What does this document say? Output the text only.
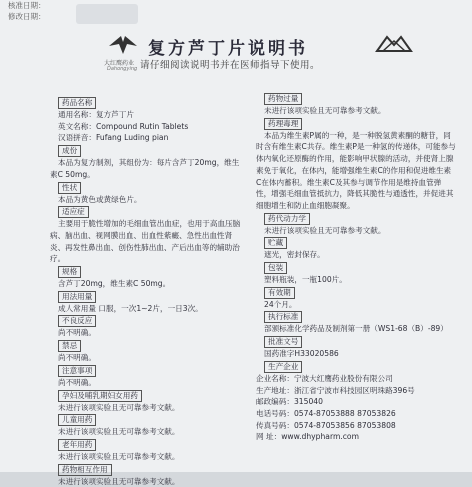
核准日期：
修改日期：
大红鹰药业
Dahongying
复方芦丁片说明书
请仔细阅读说明书并在医师指导下使用。
药品名称

通用名称：复方芦丁片

英文名称：Compound Rutin Tablets

汉语拼音：Fufang Luding pian

成份

本品为复方制剂，其组份为：每片含芦丁20mg，维生素C 50mg。

性状

本品为黄色或黄绿色片。

适应症

主要用于脆性增加的毛细血管出血症，也用于高血压脑病、脑出血、视网膜出血、出血性紫癜、急性出血性肾炎、再发性鼻出血、创伤性肺出血、产后出血等的辅助治疗。

规格

含芦丁20mg，维生素C 50mg。

用法用量

成人常用量 口服，一次1~2片，一日3次。

不良反应

尚不明确。

禁忌

尚不明确。

注意事项

尚不明确。

孕妇及哺乳期妇女用药

未进行该项实验且无可靠参考文献。

儿童用药

未进行该项实验且无可靠参考文献。

老年用药

未进行该项实验且无可靠参考文献。

药物相互作用

未进行该项实验且无可靠参考文献。

药物过量

未进行该项实验且无可靠参考文献。

药理毒理

本品为维生素P属的一种，是一种脱氢黄素酮的糖苷，同时含有维生素C共存。维生素P是一种氢的传递体，可能参与体内氧化还原酶的作用，能影响甲状腺的活动，并使肾上腺素免于氧化，在体内，能增强维生素C的作用和促进维生素C在体内蓄积。维生素C及其参与调节作用是维持血管弹性，增强毛细血管抵抗力，降低其脆性与通透性，并促进其细胞增生和防止血细胞凝聚。

药代动力学

未进行该项实验且无可靠参考文献。

贮藏

遮光，密封保存。

包装

塑料瓶装，一瓶100片。

有效期

24个月。

执行标准

部颁标准化学药品及制剂第一册（WS1-68（B）-89）

批准文号

国药准字H33020586

生产企业

企业名称：宁波大红鹰药业股份有限公司

生产地址：浙江省宁波市科技园区明珠路396号

邮政编码：315040

电话号码：0574-87053888 87053826

传真号码：0574-87053856 87053808

网 址：www.dhypharm.com
